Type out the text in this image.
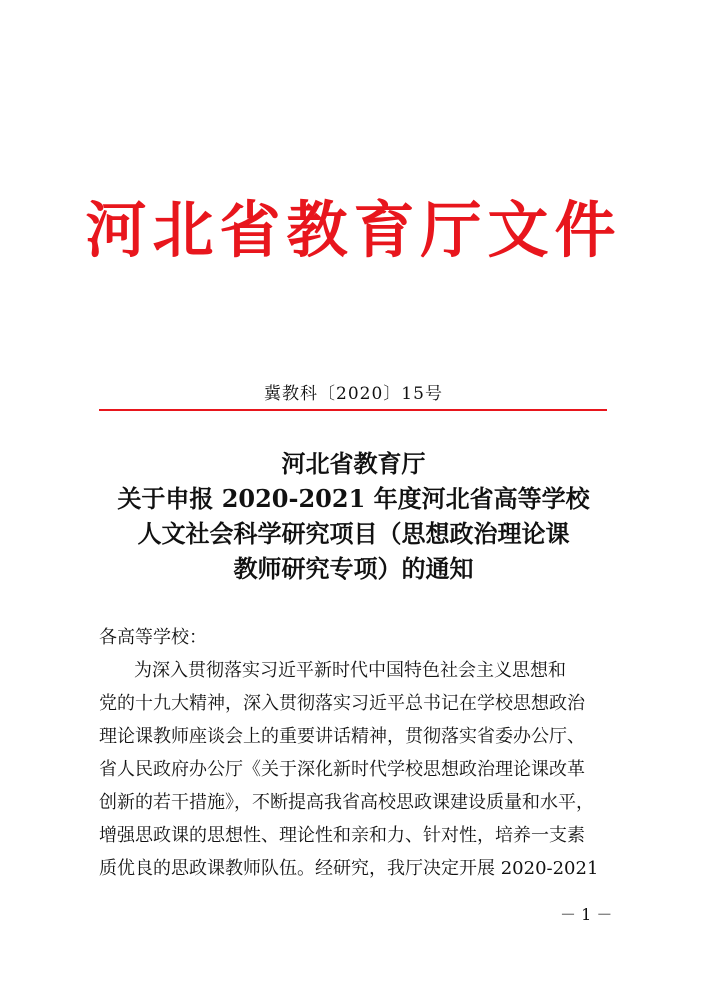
河北省教育厅文件
冀教科〔2020〕15号
河北省教育厅
关于申报 2020-2021 年度河北省高等学校
人文社会科学研究项目（思想政治理论课
教师研究专项）的通知
各高等学校：
为深入贯彻落实习近平新时代中国特色社会主义思想和
党的十九大精神，深入贯彻落实习近平总书记在学校思想政治
理论课教师座谈会上的重要讲话精神，贯彻落实省委办公厅、
省人民政府办公厅《关于深化新时代学校思想政治理论课改革
创新的若干措施》，不断提高我省高校思政课建设质量和水平，
增强思政课的思想性、理论性和亲和力、针对性，培养一支素
质优良的思政课教师队伍。经研究，我厅决定开展 2020-2021
－ 1 －
